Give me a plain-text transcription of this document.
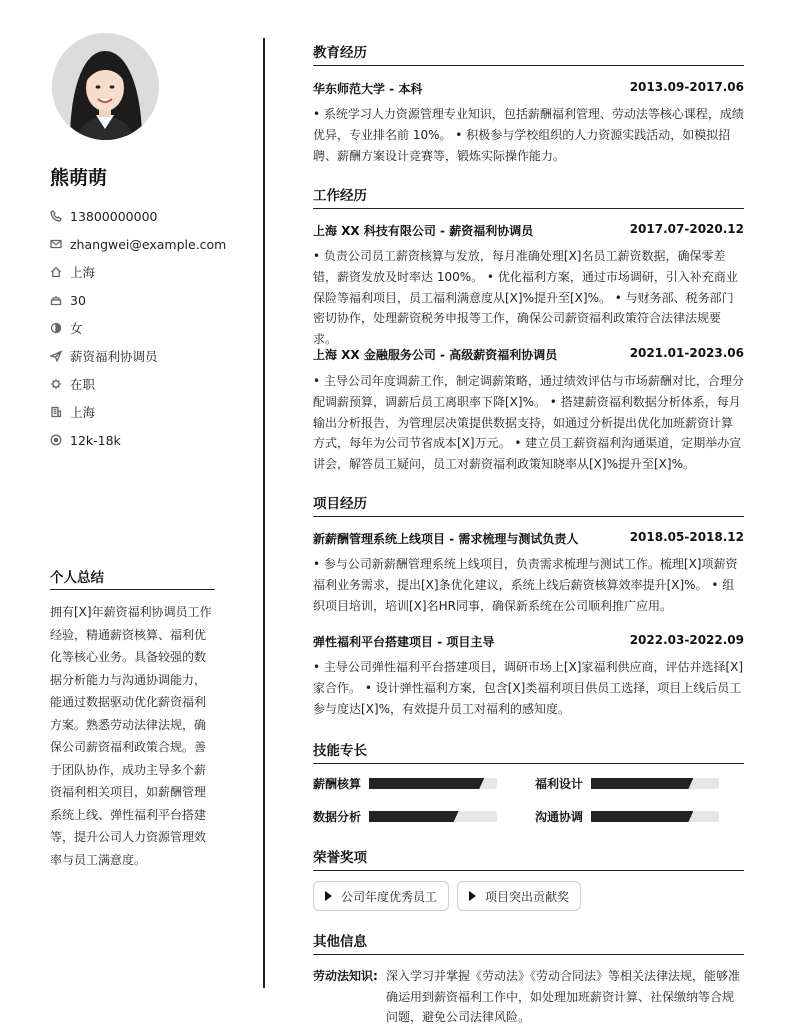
熊萌萌
13800000000
zhangwei@example.com
上海
30
女
薪资福利协调员
在职
上海
12k-18k
个人总结

拥有[X]年薪资福利协调员工作经验，精通薪资核算、福利优化等核心业务。具备较强的数据分析能力与沟通协调能力，能通过数据驱动优化薪资福利方案。熟悉劳动法律法规，确保公司薪资福利政策合规。善于团队协作，成功主导多个薪资福利相关项目，如薪酬管理系统上线、弹性福利平台搭建等，提升公司人力资源管理效率与员工满意度。

教育经历
华东师范大学 - 本科	2013.09-2017.06

• 系统学习人力资源管理专业知识，包括薪酬福利管理、劳动法等核心课程，成绩优异，专业排名前 10%。 • 积极参与学校组织的人力资源实践活动，如模拟招聘、薪酬方案设计竞赛等，锻炼实际操作能力。

工作经历
上海 XX 科技有限公司 - 薪资福利协调员	2017.07-2020.12

• 负责公司员工薪资核算与发放，每月准确处理[X]名员工薪资数据，确保零差错，薪资发放及时率达 100%。 • 优化福利方案，通过市场调研，引入补充商业保险等福利项目，员工福利满意度从[X]%提升至[X]%。 • 与财务部、税务部门密切协作，处理薪资税务申报等工作，确保公司薪资福利政策符合法律法规要求。

上海 XX 金融服务公司 - 高级薪资福利协调员	2021.01-2023.06

• 主导公司年度调薪工作，制定调薪策略，通过绩效评估与市场薪酬对比，合理分配调薪预算，调薪后员工离职率下降[X]%。 • 搭建薪资福利数据分析体系，每月输出分析报告，为管理层决策提供数据支持，如通过分析提出优化加班薪资计算方式，每年为公司节省成本[X]万元。 • 建立员工薪资福利沟通渠道，定期举办宣讲会，解答员工疑问，员工对薪资福利政策知晓率从[X]%提升至[X]%。

项目经历
新薪酬管理系统上线项目 - 需求梳理与测试负责人	2018.05-2018.12

• 参与公司新薪酬管理系统上线项目，负责需求梳理与测试工作。梳理[X]项薪资福利业务需求，提出[X]条优化建议，系统上线后薪资核算效率提升[X]%。 • 组织项目培训，培训[X]名HR同事，确保新系统在公司顺利推广应用。

弹性福利平台搭建项目 - 项目主导	2022.03-2022.09

• 主导公司弹性福利平台搭建项目，调研市场上[X]家福利供应商，评估并选择[X]家合作。 • 设计弹性福利方案，包含[X]类福利项目供员工选择，项目上线后员工参与度达[X]%，有效提升员工对福利的感知度。

技能专长
薪酬核算	福利设计
数据分析	沟通协调
荣誉奖项
公司年度优秀员工	项目突出贡献奖
其他信息
劳动法知识: 深入学习并掌握《劳动法》《劳动合同法》等相关法律法规，能够准确运用到薪资福利工作中，如处理加班薪资计算、社保缴纳等合规问题，避免公司法律风险。
